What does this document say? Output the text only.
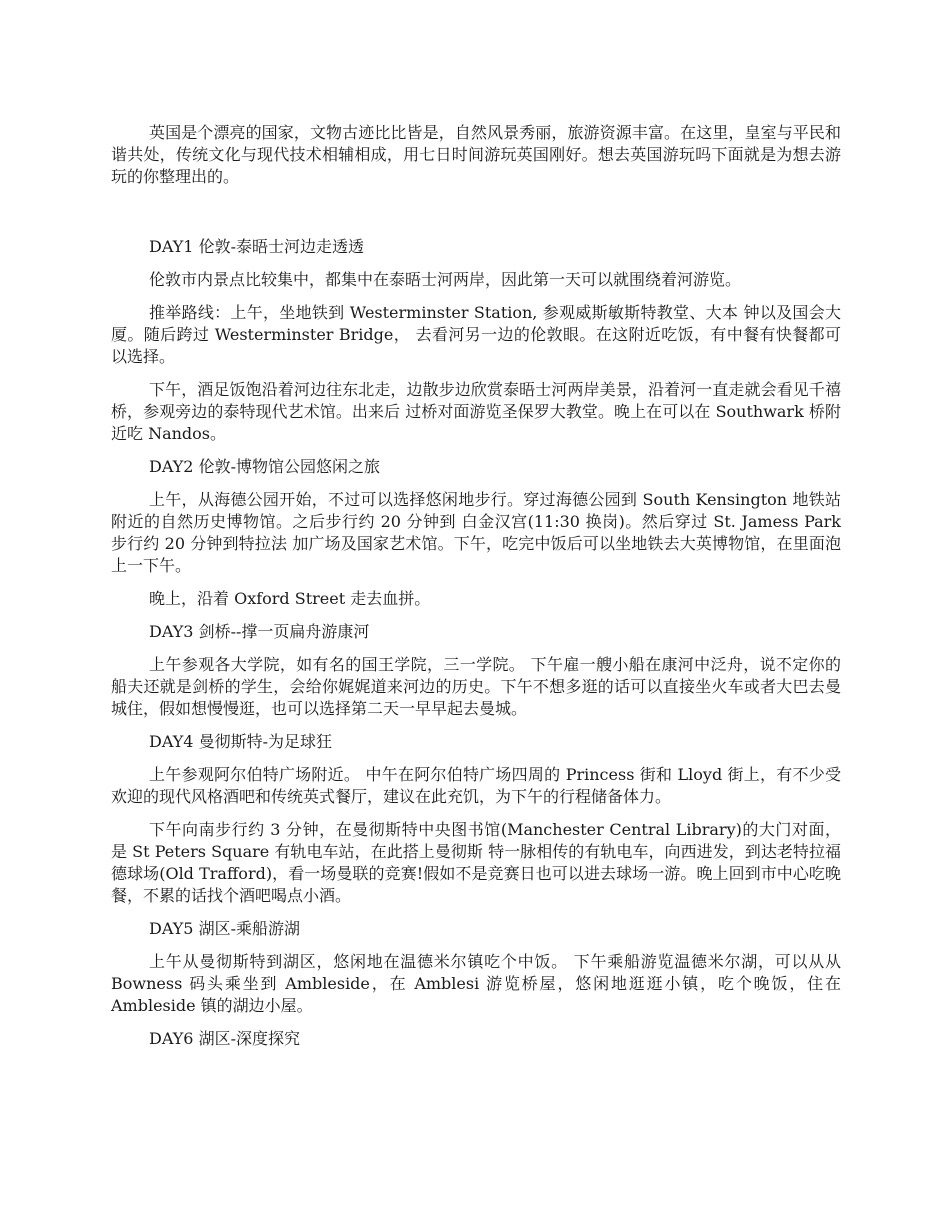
英国是个漂亮的国家，文物古迹比比皆是，自然风景秀丽，旅游资源丰富。在这里，皇室与平民和谐共处，传统文化与现代技术相辅相成，用七日时间游玩英国刚好。想去英国游玩吗下面就是为想去游玩的你整理出的。

DAY1 伦敦-泰晤士河边走透透

伦敦市内景点比较集中，都集中在泰晤士河两岸，因此第一天可以就围绕着河游览。

推举路线：上午，坐地铁到 Westerminster Station, 参观威斯敏斯特教堂、大本 钟以及国会大厦。随后跨过 Westerminster Bridge， 去看河另一边的伦敦眼。在这附近吃饭，有中餐有快餐都可以选择。

下午，酒足饭饱沿着河边往东北走，边散步边欣赏泰晤士河两岸美景，沿着河一直走就会看见千禧桥，参观旁边的泰特现代艺术馆。出来后 过桥对面游览圣保罗大教堂。晚上在可以在 Southwark 桥附近吃 Nandos。

DAY2 伦敦-博物馆公园悠闲之旅

上午，从海德公园开始，不过可以选择悠闲地步行。穿过海德公园到 South Kensington 地铁站附近的自然历史博物馆。之后步行约 20 分钟到 白金汉宫(11:30 换岗)。然后穿过 St. Jamess Park 步行约 20 分钟到特拉法 加广场及国家艺术馆。下午，吃完中饭后可以坐地铁去大英博物馆，在里面泡上一下午。

晚上，沿着 Oxford Street 走去血拼。

DAY3 剑桥--撑一页扁舟游康河

上午参观各大学院，如有名的国王学院，三一学院。 下午雇一艘小船在康河中泛舟，说不定你的船夫还就是剑桥的学生，会给你娓娓道来河边的历史。下午不想多逛的话可以直接坐火车或者大巴去曼城住，假如想慢慢逛，也可以选择第二天一早早起去曼城。

DAY4 曼彻斯特-为足球狂

上午参观阿尔伯特广场附近。 中午在阿尔伯特广场四周的 Princess 街和 Lloyd 街上，有不少受欢迎的现代风格酒吧和传统英式餐厅，建议在此充饥，为下午的行程储备体力。

下午向南步行约 3 分钟，在曼彻斯特中央图书馆(Manchester Central Library)的大门对面，是 St Peters Square 有轨电车站，在此搭上曼彻斯 特一脉相传的有轨电车，向西进发，到达老特拉福德球场(Old Trafford)，看一场曼联的竞赛!假如不是竞赛日也可以进去球场一游。晚上回到市中心吃晚餐，不累的话找个酒吧喝点小酒。

DAY5 湖区-乘船游湖

上午从曼彻斯特到湖区，悠闲地在温德米尔镇吃个中饭。 下午乘船游览温德米尔湖，可以从从 Bowness 码头乘坐到 Ambleside，在 Amblesi 游览桥屋，悠闲地逛逛小镇，吃个晚饭，住在 Ambleside 镇的湖边小屋。

DAY6 湖区-深度探究
